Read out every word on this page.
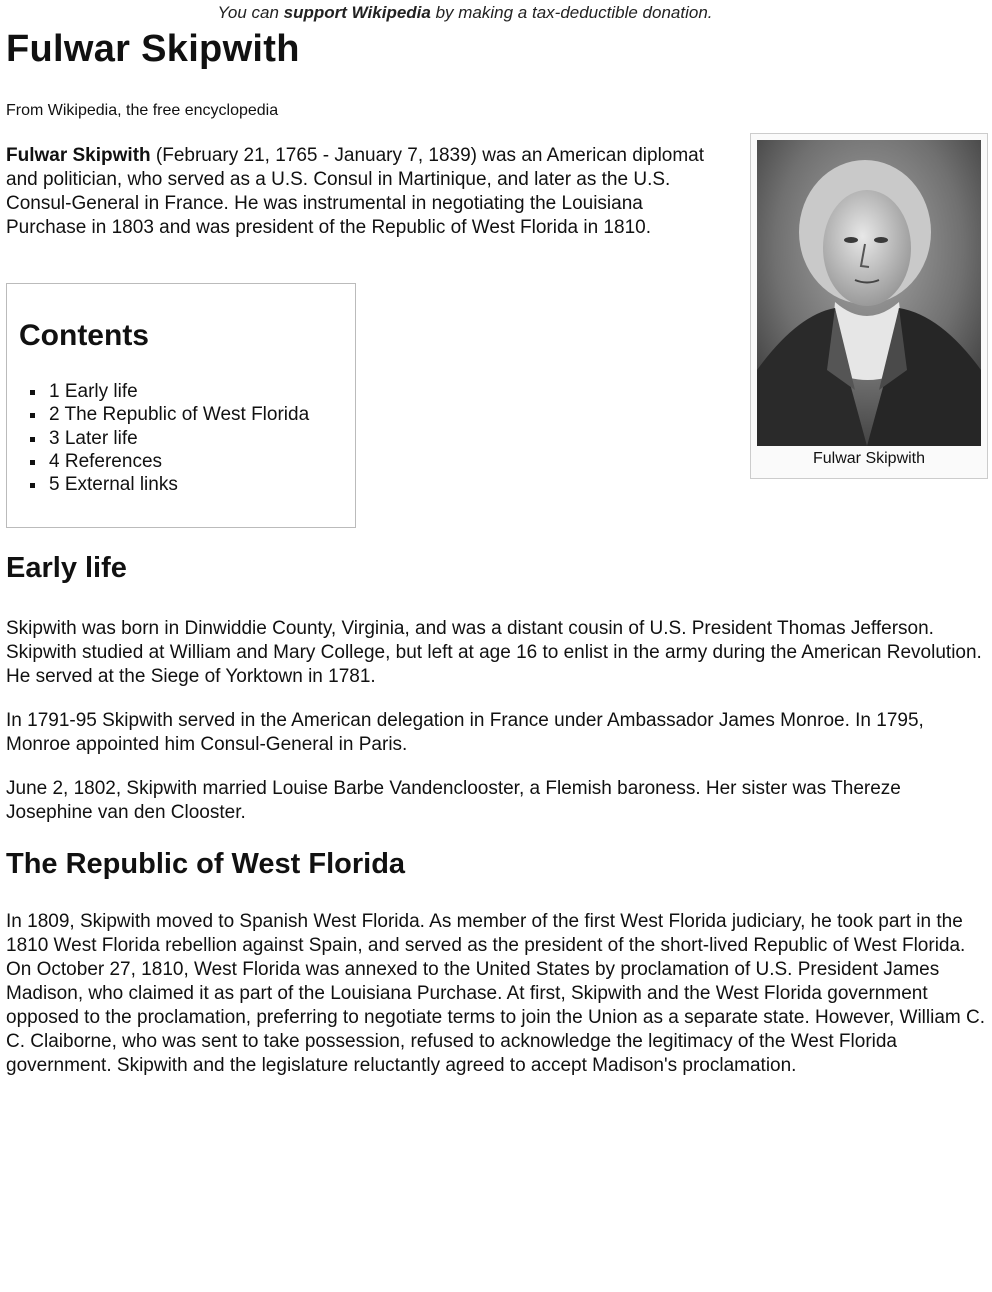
You can support Wikipedia by making a tax-deductible donation.
Fulwar Skipwith
From Wikipedia, the free encyclopedia

Fulwar Skipwith (February 21, 1765 - January 7, 1839) was an American diplomat and politician, who served as a U.S. Consul in Martinique, and later as the U.S. Consul-General in France. He was instrumental in negotiating the Louisiana Purchase in 1803 and was president of the Republic of West Florida in 1810.

Fulwar Skipwith
Contents
▪ 1 Early life
▪ 2 The Republic of West Florida
▪ 3 Later life
▪ 4 References
▪ 5 External links
Early life

Skipwith was born in Dinwiddie County, Virginia, and was a distant cousin of U.S. President Thomas Jefferson. Skipwith studied at William and Mary College, but left at age 16 to enlist in the army during the American Revolution. He served at the Siege of Yorktown in 1781.

In 1791-95 Skipwith served in the American delegation in France under Ambassador James Monroe. In 1795, Monroe appointed him Consul-General in Paris.

June 2, 1802, Skipwith married Louise Barbe Vandenclooster, a Flemish baroness. Her sister was Thereze Josephine van den Clooster.

The Republic of West Florida

In 1809, Skipwith moved to Spanish West Florida. As member of the first West Florida judiciary, he took part in the 1810 West Florida rebellion against Spain, and served as the president of the short-lived Republic of West Florida. On October 27, 1810, West Florida was annexed to the United States by proclamation of U.S. President James Madison, who claimed it as part of the Louisiana Purchase. At first, Skipwith and the West Florida government opposed to the proclamation, preferring to negotiate terms to join the Union as a separate state. However, William C. C. Claiborne, who was sent to take possession, refused to acknowledge the legitimacy of the West Florida government. Skipwith and the legislature reluctantly agreed to accept Madison's proclamation.
